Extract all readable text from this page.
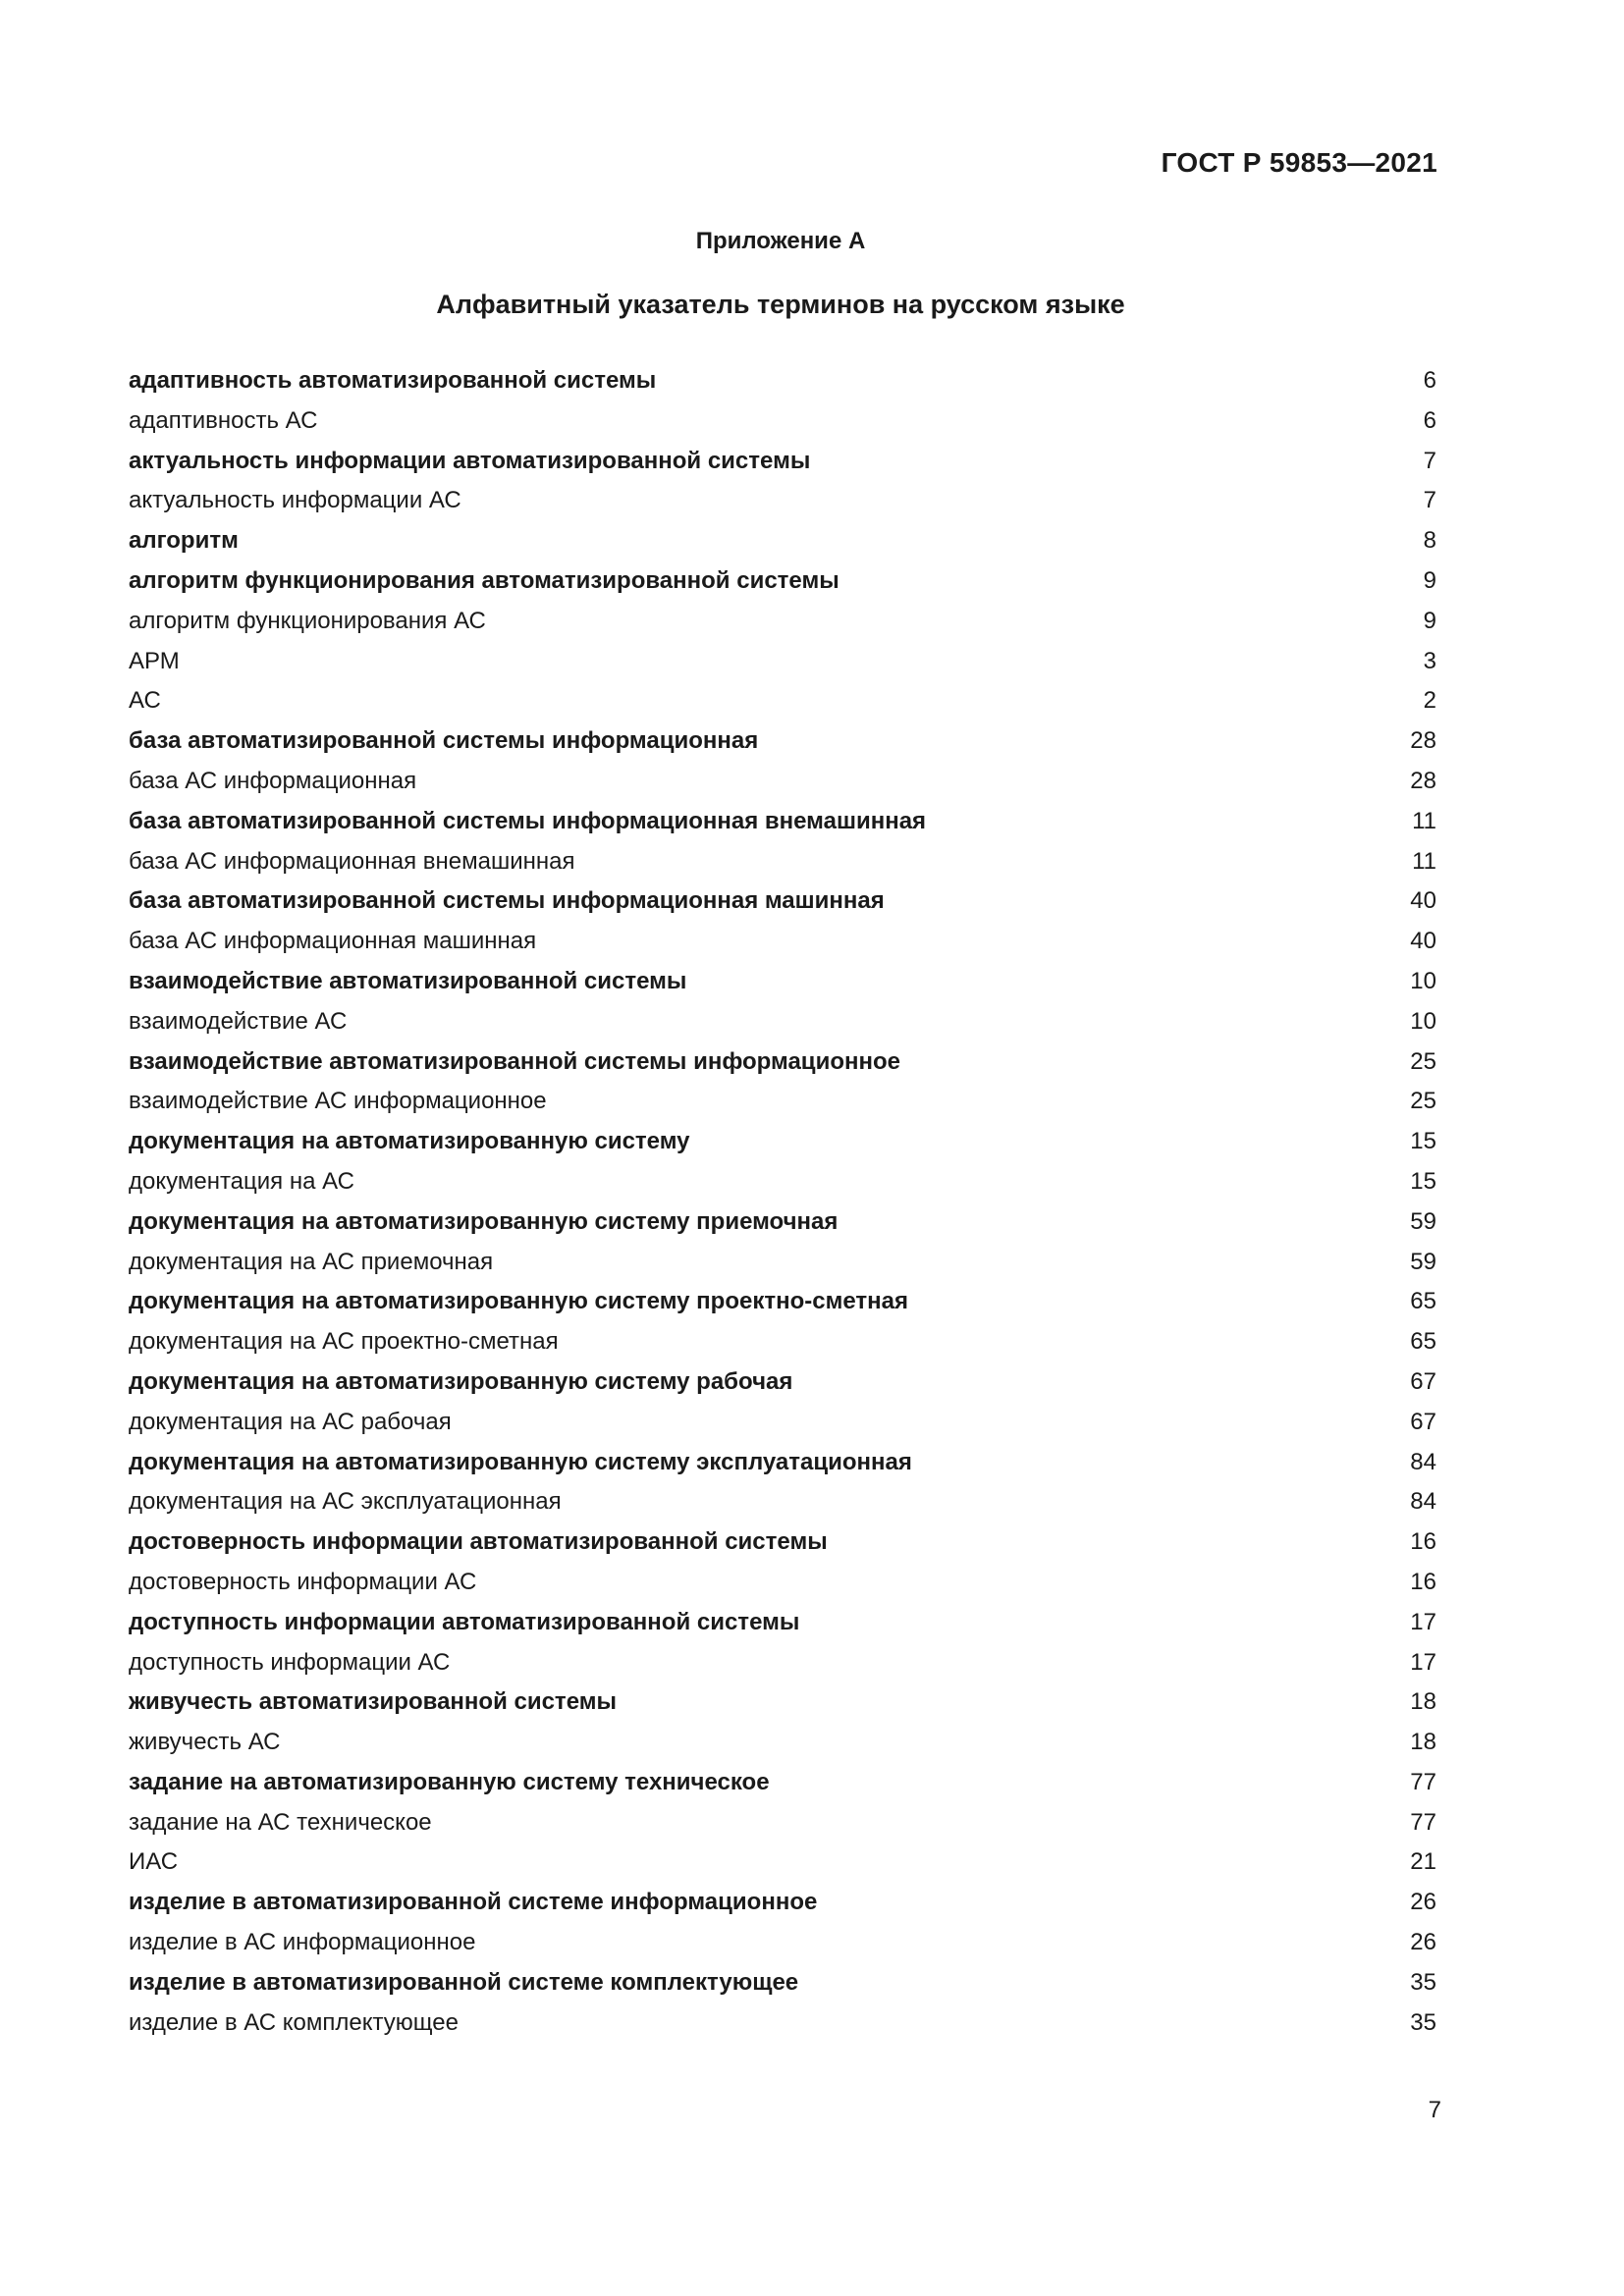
ГОСТ Р 59853—2021
Приложение А
Алфавитный указатель терминов на русском языке
адаптивность автоматизированной системы	6
адаптивность АС	6
актуальность информации автоматизированной системы	7
актуальность информации АС	7
алгоритм	8
алгоритм функционирования автоматизированной системы	9
алгоритм функционирования АС	9
АРМ	3
АС	2
база автоматизированной системы информационная	28
база АС информационная	28
база автоматизированной системы информационная внемашинная	11
база АС информационная внемашинная	11
база автоматизированной системы информационная машинная	40
база АС информационная машинная	40
взаимодействие автоматизированной системы	10
взаимодействие АС	10
взаимодействие автоматизированной системы информационное	25
взаимодействие АС информационное	25
документация на автоматизированную систему	15
документация на АС	15
документация на автоматизированную систему приемочная	59
документация на АС приемочная	59
документация на автоматизированную систему проектно-сметная	65
документация на АС проектно-сметная	65
документация на автоматизированную систему рабочая	67
документация на АС рабочая	67
документация на автоматизированную систему эксплуатационная	84
документация на АС эксплуатационная	84
достоверность информации автоматизированной системы	16
достоверность информации АС	16
доступность информации автоматизированной системы	17
доступность информации АС	17
живучесть автоматизированной системы	18
живучесть АС	18
задание на автоматизированную систему техническое	77
задание на АС техническое	77
ИАС	21
изделие в автоматизированной системе информационное	26
изделие в АС информационное	26
изделие в автоматизированной системе комплектующее	35
изделие в АС комплектующее	35
7
